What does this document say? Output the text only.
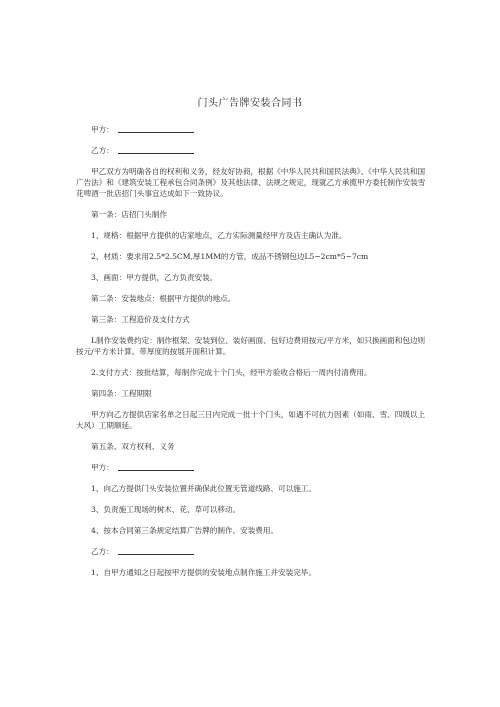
门头广告牌安装合同书
甲方：
乙方：
甲乙双方为明确各自的权利和义务，经友好协商，根据《中华人民共和国民法典》、《中华人民共和国广告法》和《建筑安装工程承包合同条例》及其他法律、法规之规定，现就乙方承揽甲方委托制作安装雪花啤酒一批店招门头事宜达成如下一致协议。
第一条：店招门头制作
1、规格：根据甲方提供的店家地点，乙方实际测量经甲方及店主确认为准。
2、材质：要求用2.5*2.5CM,厚1MM的方管，成品不锈钢包边L5~2cm*5~7cm
3、画面：甲方提供，乙方负责安装。
第二条：安装地点：根据甲方提供的地点。
第三条：工程造价及支付方式
L制作安装费约定：制作框架、安装到位、装好画面、包好边费用按元/平方米，如只换画面和包边则按元/平方米计算。带厚度的按展开面积计算。
2.支付方式：按批结算，每制作完成十个门头，经甲方验收合格后一周内付清费用。
第四条：工程期限
甲方向乙方提供店家名单之日起三日内完成一批十个门头，如遇不可抗力因素（如雨、雪、四级以上大风）工期顺延。
第五条、双方权利、义务
甲方：
1、向乙方提供门头安装位置并确保此位置无管道线路、可以施工。
3、负责施工现场的树木、花、草可以移动。
4、按本合同第三条规定结算广告牌的制作、安装费用。
乙方：
1、自甲方通知之日起按甲方提供的安装地点制作施工并安装完毕。
